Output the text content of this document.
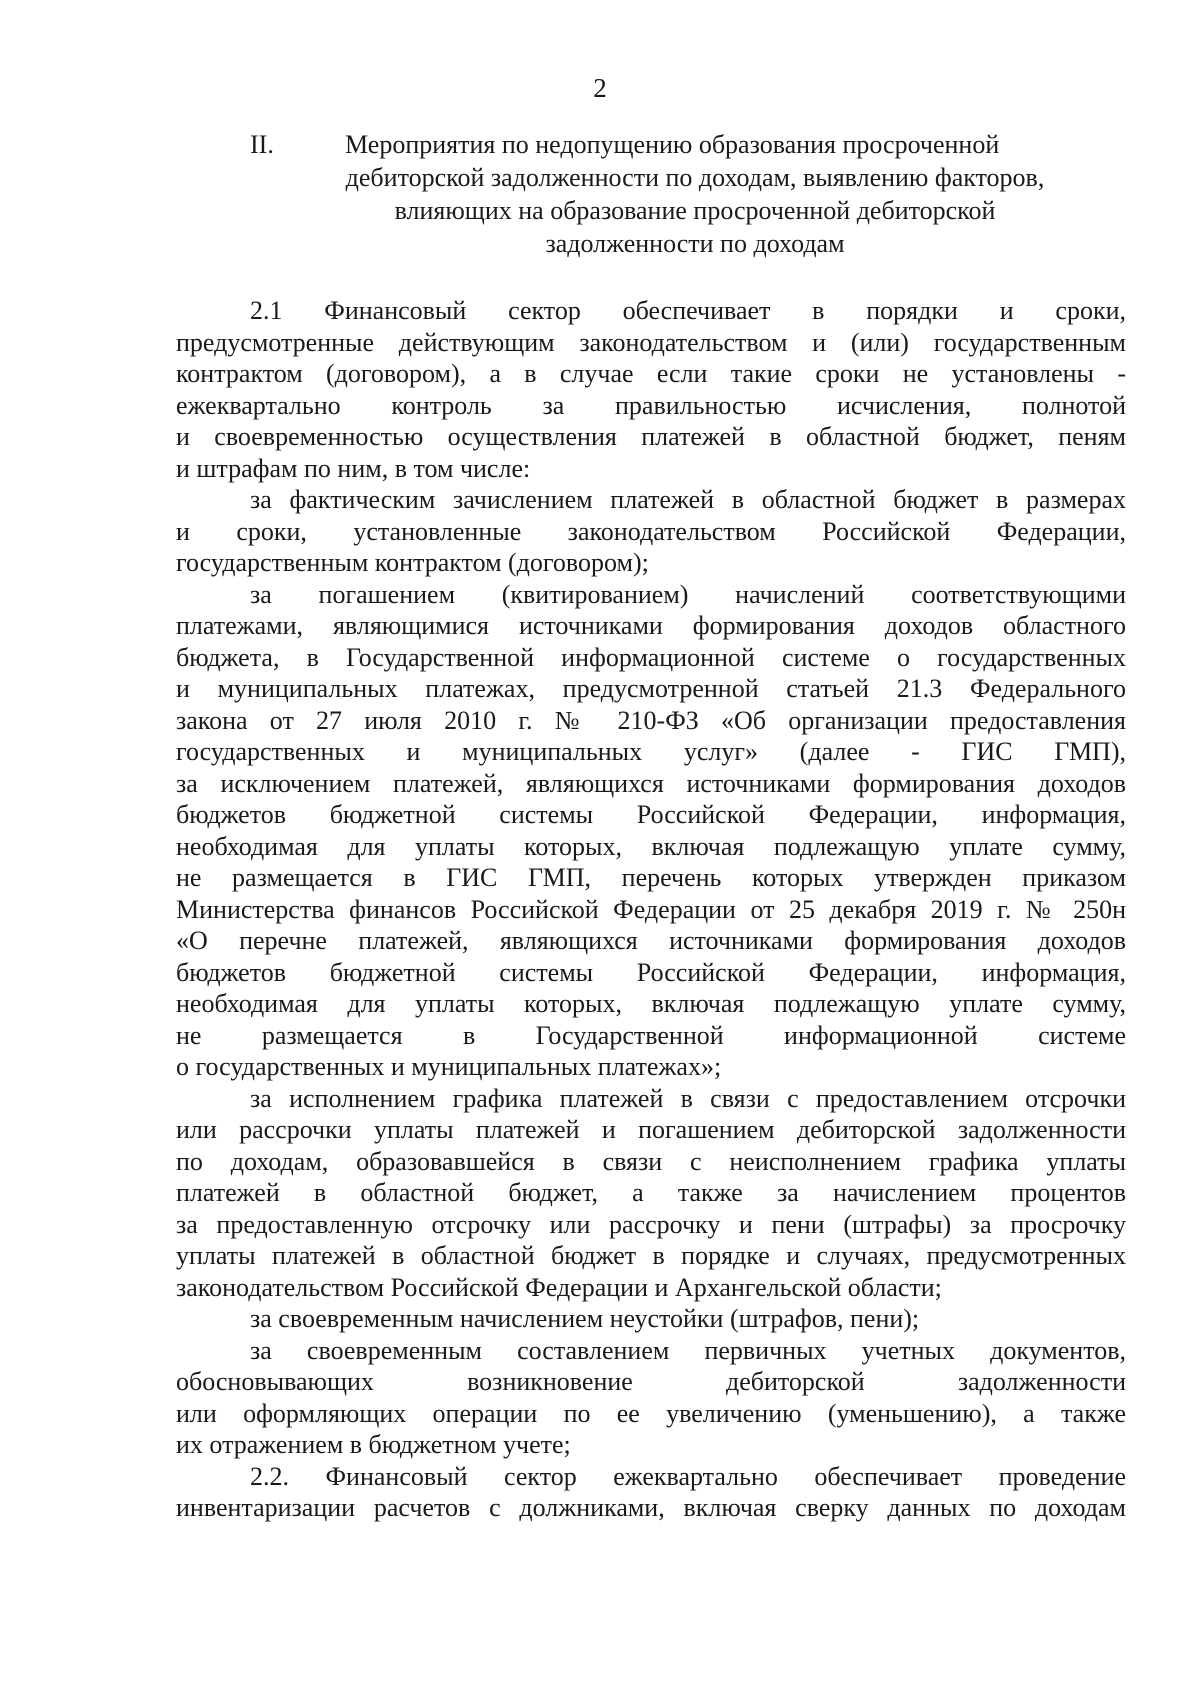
2
II.	Мероприятия по недопущению образования просроченной
дебиторской задолженности по доходам, выявлению факторов,
влияющих на образование просроченной дебиторской
задолженности по доходам
2.1 Финансовый сектор обеспечивает в порядки и сроки,
предусмотренные действующим законодательством и (или) государственным
контрактом (договором), а в случае если такие сроки не установлены -
ежеквартально контроль за правильностью исчисления, полнотой
и своевременностью осуществления платежей в областной бюджет, пеням
и штрафам по ним, в том числе:
за фактическим зачислением платежей в областной бюджет в размерах
и сроки, установленные законодательством Российской Федерации,
государственным контрактом (договором);
за погашением (квитированием) начислений соответствующими
платежами, являющимися источниками формирования доходов областного
бюджета, в Государственной информационной системе о государственных
и муниципальных платежах, предусмотренной статьей 21.3 Федерального
закона от 27 июля 2010 г. № 210-ФЗ «Об организации предоставления
государственных и муниципальных услуг» (далее - ГИС ГМП),
за исключением платежей, являющихся источниками формирования доходов
бюджетов бюджетной системы Российской Федерации, информация,
необходимая для уплаты которых, включая подлежащую уплате сумму,
не размещается в ГИС ГМП, перечень которых утвержден приказом
Министерства финансов Российской Федерации от 25 декабря 2019 г. № 250н
«О перечне платежей, являющихся источниками формирования доходов
бюджетов бюджетной системы Российской Федерации, информация,
необходимая для уплаты которых, включая подлежащую уплате сумму,
не размещается в Государственной информационной системе
о государственных и муниципальных платежах»;
за исполнением графика платежей в связи с предоставлением отсрочки
или рассрочки уплаты платежей и погашением дебиторской задолженности
по доходам, образовавшейся в связи с неисполнением графика уплаты
платежей в областной бюджет, а также за начислением процентов
за предоставленную отсрочку или рассрочку и пени (штрафы) за просрочку
уплаты платежей в областной бюджет в порядке и случаях, предусмотренных
законодательством Российской Федерации и Архангельской области;
за своевременным начислением неустойки (штрафов, пени);
за своевременным составлением первичных учетных документов,
обосновывающих возникновение дебиторской задолженности
или оформляющих операции по ее увеличению (уменьшению), а также
их отражением в бюджетном учете;
2.2. Финансовый сектор ежеквартально обеспечивает проведение
инвентаризации расчетов с должниками, включая сверку данных по доходам
